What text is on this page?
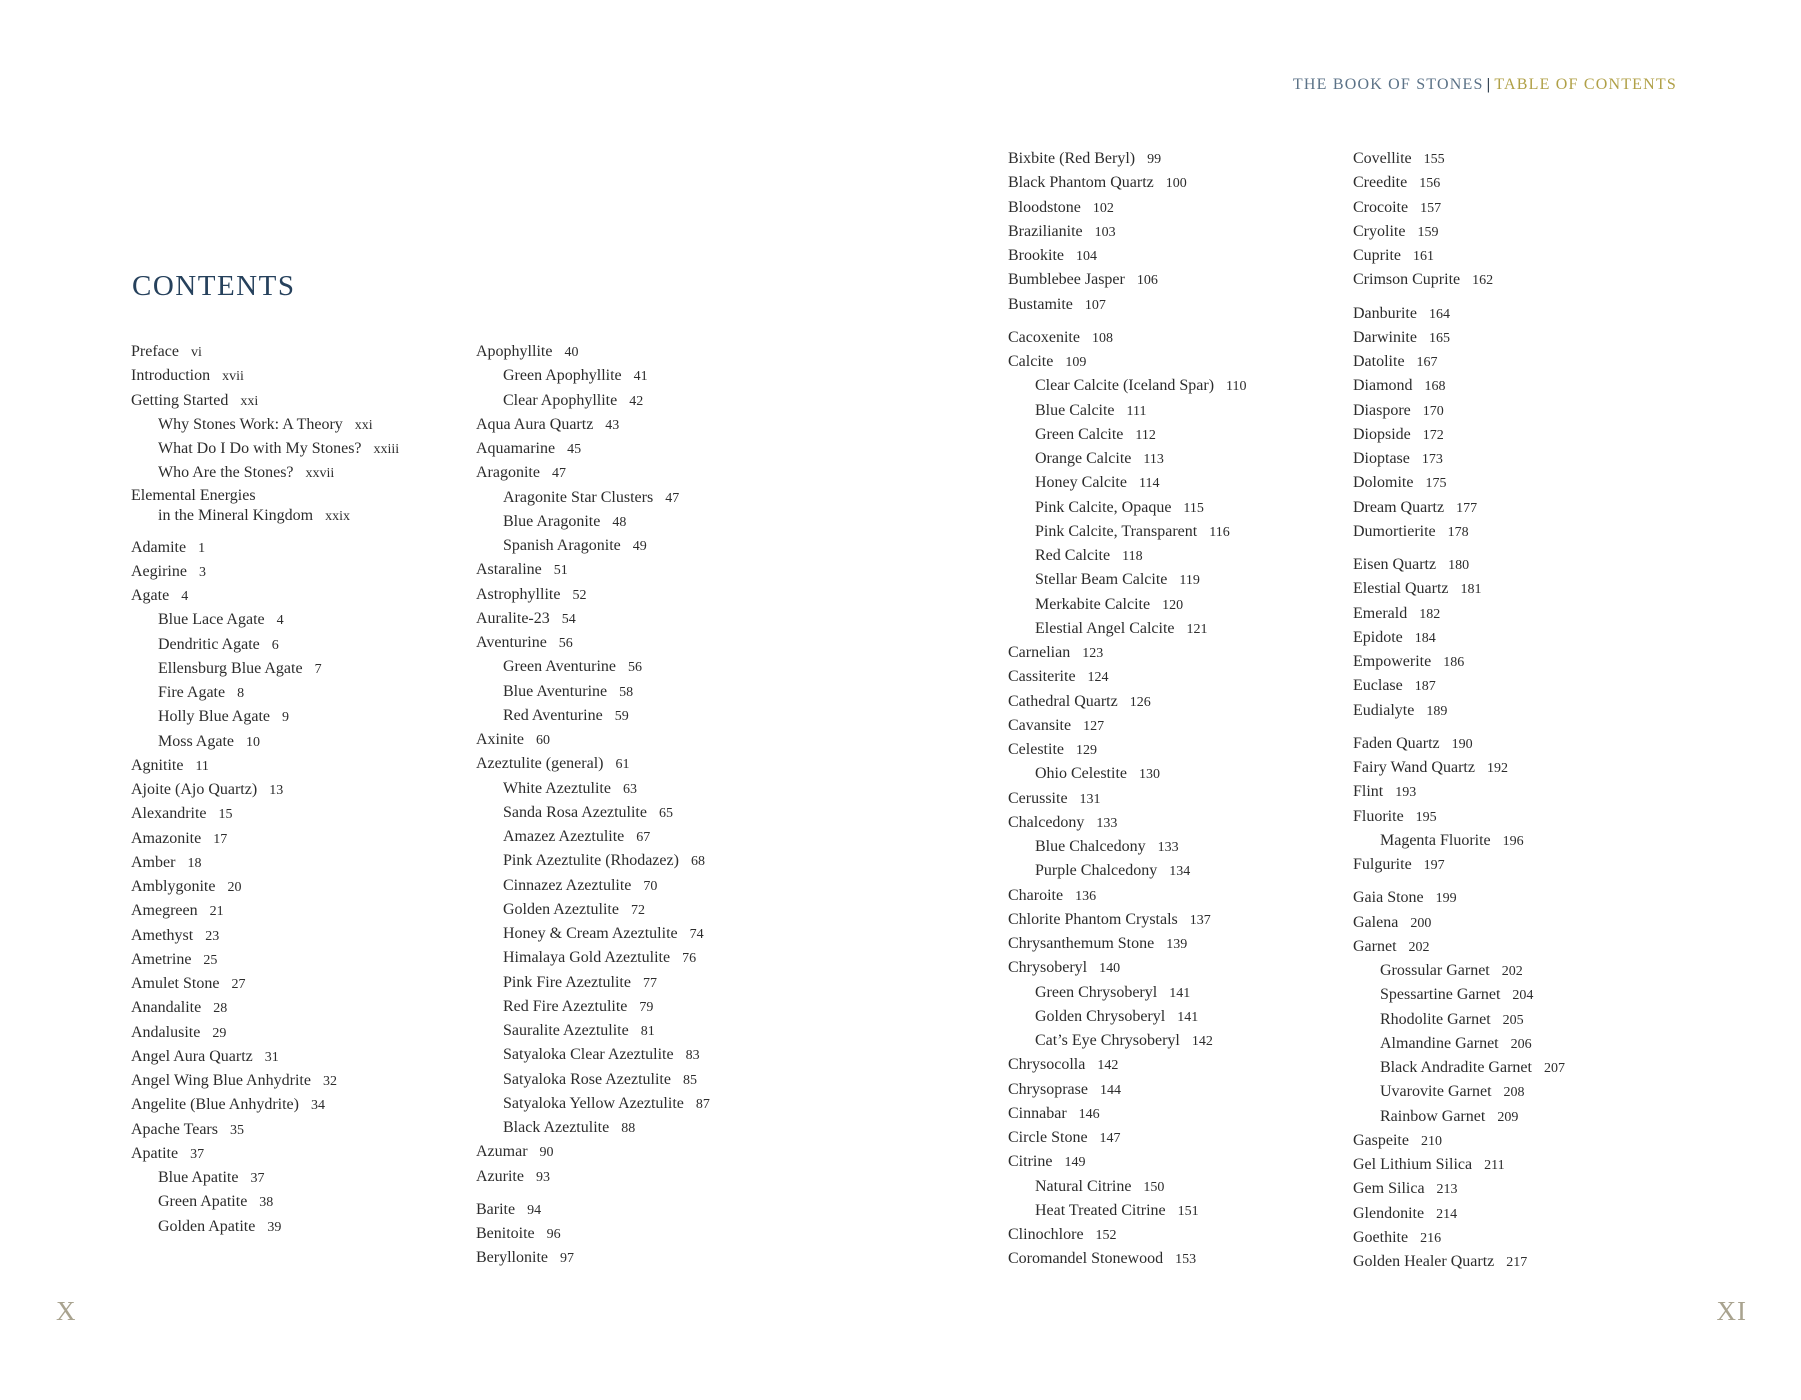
THE BOOK OF STONES | TABLE OF CONTENTS
CONTENTS
Preface vi
Introduction xvii
Getting Started xxi
Why Stones Work: A Theory xxi
What Do I Do with My Stones? xxiii
Who Are the Stones? xxvii
Elemental Energies
in the Mineral Kingdom xxix
Adamite 1
Aegirine 3
Agate 4
Blue Lace Agate 4
Dendritic Agate 6
Ellensburg Blue Agate 7
Fire Agate 8
Holly Blue Agate 9
Moss Agate 10
Agnitite 11
Ajoite (Ajo Quartz) 13
Alexandrite 15
Amazonite 17
Amber 18
Amblygonite 20
Amegreen 21
Amethyst 23
Ametrine 25
Amulet Stone 27
Anandalite 28
Andalusite 29
Angel Aura Quartz 31
Angel Wing Blue Anhydrite 32
Angelite (Blue Anhydrite) 34
Apache Tears 35
Apatite 37
Blue Apatite 37
Green Apatite 38
Golden Apatite 39
Apophyllite 40
Green Apophyllite 41
Clear Apophyllite 42
Aqua Aura Quartz 43
Aquamarine 45
Aragonite 47
Aragonite Star Clusters 47
Blue Aragonite 48
Spanish Aragonite 49
Astaraline 51
Astrophyllite 52
Auralite-23 54
Aventurine 56
Green Aventurine 56
Blue Aventurine 58
Red Aventurine 59
Axinite 60
Azeztulite (general) 61
White Azeztulite 63
Sanda Rosa Azeztulite 65
Amazez Azeztulite 67
Pink Azeztulite (Rhodazez) 68
Cinnazez Azeztulite 70
Golden Azeztulite 72
Honey & Cream Azeztulite 74
Himalaya Gold Azeztulite 76
Pink Fire Azeztulite 77
Red Fire Azeztulite 79
Sauralite Azeztulite 81
Satyaloka Clear Azeztulite 83
Satyaloka Rose Azeztulite 85
Satyaloka Yellow Azeztulite 87
Black Azeztulite 88
Azumar 90
Azurite 93
Barite 94
Benitoite 96
Beryllonite 97
Bixbite (Red Beryl) 99
Black Phantom Quartz 100
Bloodstone 102
Brazilianite 103
Brookite 104
Bumblebee Jasper 106
Bustamite 107
Cacoxenite 108
Calcite 109
Clear Calcite (Iceland Spar) 110
Blue Calcite 111
Green Calcite 112
Orange Calcite 113
Honey Calcite 114
Pink Calcite, Opaque 115
Pink Calcite, Transparent 116
Red Calcite 118
Stellar Beam Calcite 119
Merkabite Calcite 120
Elestial Angel Calcite 121
Carnelian 123
Cassiterite 124
Cathedral Quartz 126
Cavansite 127
Celestite 129
Ohio Celestite 130
Cerussite 131
Chalcedony 133
Blue Chalcedony 133
Purple Chalcedony 134
Charoite 136
Chlorite Phantom Crystals 137
Chrysanthemum Stone 139
Chrysoberyl 140
Green Chrysoberyl 141
Golden Chrysoberyl 141
Cat’s Eye Chrysoberyl 142
Chrysocolla 142
Chrysoprase 144
Cinnabar 146
Circle Stone 147
Citrine 149
Natural Citrine 150
Heat Treated Citrine 151
Clinochlore 152
Coromandel Stonewood 153
Covellite 155
Creedite 156
Crocoite 157
Cryolite 159
Cuprite 161
Crimson Cuprite 162
Danburite 164
Darwinite 165
Datolite 167
Diamond 168
Diaspore 170
Diopside 172
Dioptase 173
Dolomite 175
Dream Quartz 177
Dumortierite 178
Eisen Quartz 180
Elestial Quartz 181
Emerald 182
Epidote 184
Empowerite 186
Euclase 187
Eudialyte 189
Faden Quartz 190
Fairy Wand Quartz 192
Flint 193
Fluorite 195
Magenta Fluorite 196
Fulgurite 197
Gaia Stone 199
Galena 200
Garnet 202
Grossular Garnet 202
Spessartine Garnet 204
Rhodolite Garnet 205
Almandine Garnet 206
Black Andradite Garnet 207
Uvarovite Garnet 208
Rainbow Garnet 209
Gaspeite 210
Gel Lithium Silica 211
Gem Silica 213
Glendonite 214
Goethite 216
Golden Healer Quartz 217
X	XI
